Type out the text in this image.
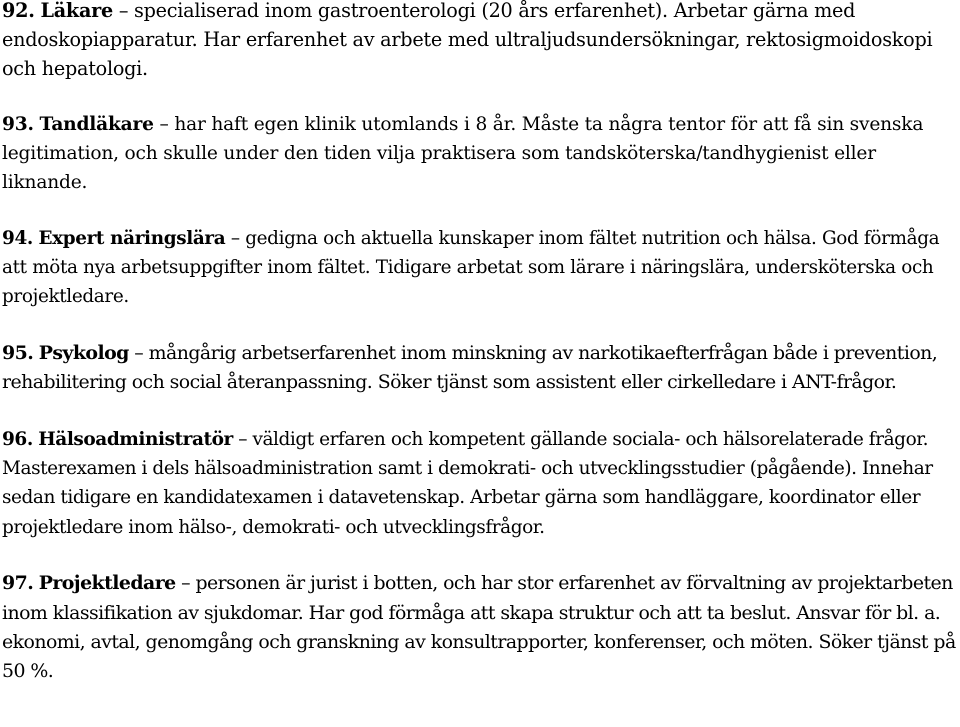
92. Läkare – specialiserad inom gastroenterologi (20 års erfarenhet). Arbetar gärna med endoskopiapparatur. Har erfarenhet av arbete med ultraljudsundersökningar, rektosigmoidoskopi och hepatologi.

93. Tandläkare – har haft egen klinik utomlands i 8 år. Måste ta några tentor för att få sin svenska legitimation, och skulle under den tiden vilja praktisera som tandsköterska/tandhygienist eller liknande.

94. Expert näringslära – gedigna och aktuella kunskaper inom fältet nutrition och hälsa. God förmåga att möta nya arbetsuppgifter inom fältet. Tidigare arbetat som lärare i näringslära, undersköterska och projektledare.

95. Psykolog – mångårig arbetserfarenhet inom minskning av narkotikaefterfrågan både i prevention, rehabilitering och social återanpassning. Söker tjänst som assistent eller cirkelledare i ANT-frågor.

96. Hälsoadministratör – väldigt erfaren och kompetent gällande sociala- och hälsorelaterade frågor. Masterexamen i dels hälsoadministration samt i demokrati- och utvecklingsstudier (pågående). Innehar sedan tidigare en kandidatexamen i datavetenskap. Arbetar gärna som handläggare, koordinator eller projektledare inom hälso-, demokrati- och utvecklingsfrågor.

97. Projektledare – personen är jurist i botten, och har stor erfarenhet av förvaltning av projektarbeten inom klassifikation av sjukdomar. Har god förmåga att skapa struktur och att ta beslut. Ansvar för bl. a. ekonomi, avtal, genomgång och granskning av konsultrapporter, konferenser, och möten. Söker tjänst på 50 %.
